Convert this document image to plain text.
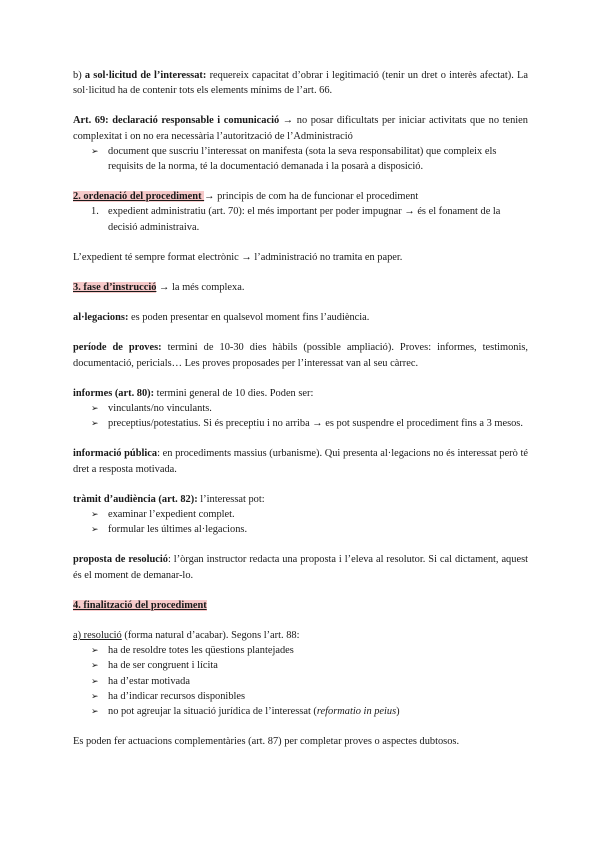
b) a sol·licitud de l’interessat: requereix capacitat d’obrar i legitimació (tenir un dret o interès afectat). La sol·licitud ha de contenir tots els elements mínims de l’art. 66.

Art. 69: declaració responsable i comunicació → no posar dificultats per iniciar activitats que no tenien complexitat i on no era necessària l’autorització de l’Administració

➢ document que suscriu l’interessat on manifesta (sota la seva responsabilitat) que compleix els requisits de la norma, té la documentació demanada i la posarà a disposició.

2. ordenació del procediment → principis de com ha de funcionar el procediment

1. expedient administratiu (art. 70): el més important per poder impugnar → és el fonament de la decisió administraiva.

L’expedient té sempre format electrònic → l’administració no tramita en paper.

3. fase d’instrucció → la més complexa.

al·legacions: es poden presentar en qualsevol moment fins l’audiència.

període de proves: termini de 10-30 dies hàbils (possible ampliació). Proves: informes, testimonis, documentació, pericials… Les proves proposades per l’interessat van al seu càrrec.

informes (art. 80): termini general de 10 dies. Poden ser:

➢ vinculants/no vinculants.
➢ preceptius/potestatius. Si és preceptiu i no arriba → es pot suspendre el procediment fins a 3 mesos.

informació pública: en procediments massius (urbanisme). Qui presenta al·legacions no és interessat però té dret a resposta motivada.

tràmit d’audiència (art. 82): l’interessat pot:

➢ examinar l’expedient complet.
➢ formular les últimes al·legacions.

proposta de resolució: l’òrgan instructor redacta una proposta i l’eleva al resolutor. Si cal dictament, aquest és el moment de demanar-lo.

4. finalització del procediment

a) resolució (forma natural d’acabar). Segons l’art. 88:

➢ ha de resoldre totes les qüestions plantejades
➢ ha de ser congruent i lícita
➢ ha d’estar motivada
➢ ha d’indicar recursos disponibles
➢ no pot agreujar la situació jurídica de l’interessat (reformatio in peius)

Es poden fer actuacions complementàries (art. 87) per completar proves o aspectes dubtosos.
